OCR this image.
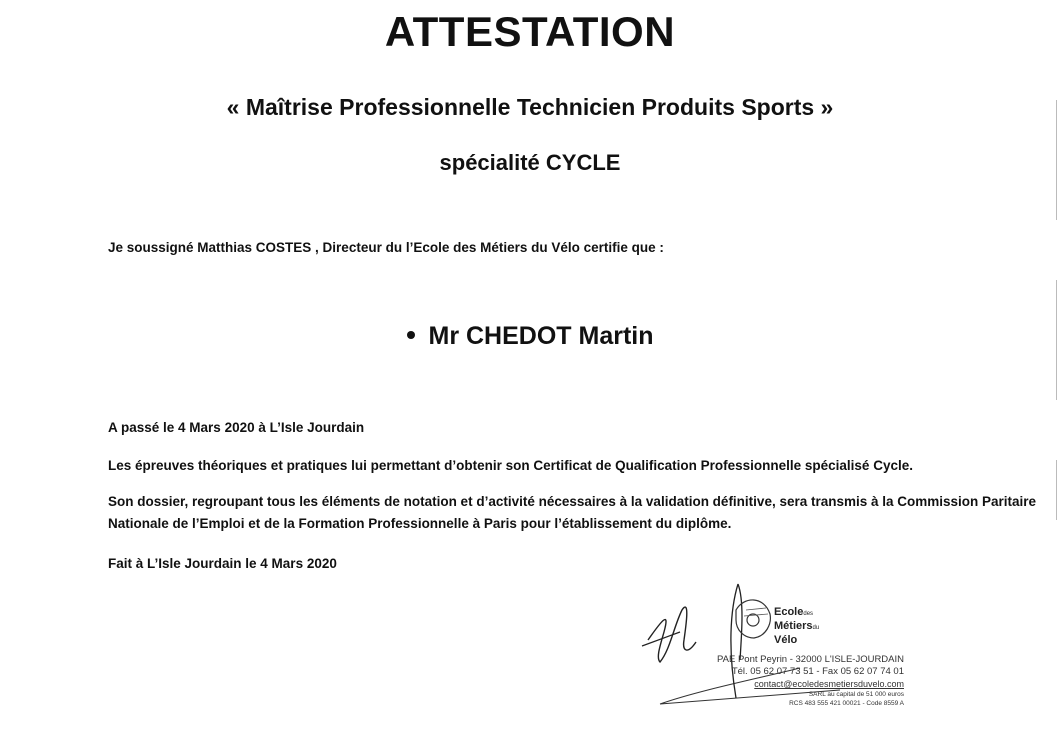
ATTESTATION
« Maîtrise Professionnelle Technicien Produits Sports »
spécialité CYCLE
Je soussigné Matthias COSTES , Directeur du l’Ecole des Métiers du Vélo certifie que :
Mr CHEDOT Martin
A passé le 4 Mars 2020 à L’Isle Jourdain
Les épreuves théoriques et pratiques lui permettant d’obtenir son Certificat de Qualification Professionnelle spécialisé Cycle.
Son dossier, regroupant tous les éléments de notation et d’activité nécessaires à la validation définitive, sera transmis à la Commission Paritaire Nationale de l’Emploi et de la Formation Professionnelle à Paris pour l’établissement du diplôme.
Fait à L’Isle Jourdain le 4 Mars 2020
Ecoledes
Métiersdu
Vélo
PAE Pont Peyrin - 32000 L'ISLE-JOURDAIN
Tél. 05 62 07 73 51 - Fax 05 62 07 74 01
contact@ecoledesmetiersduvelo.com
SARL au capital de 51 000 euros
RCS 483 555 421 00021 - Code 8559 A
